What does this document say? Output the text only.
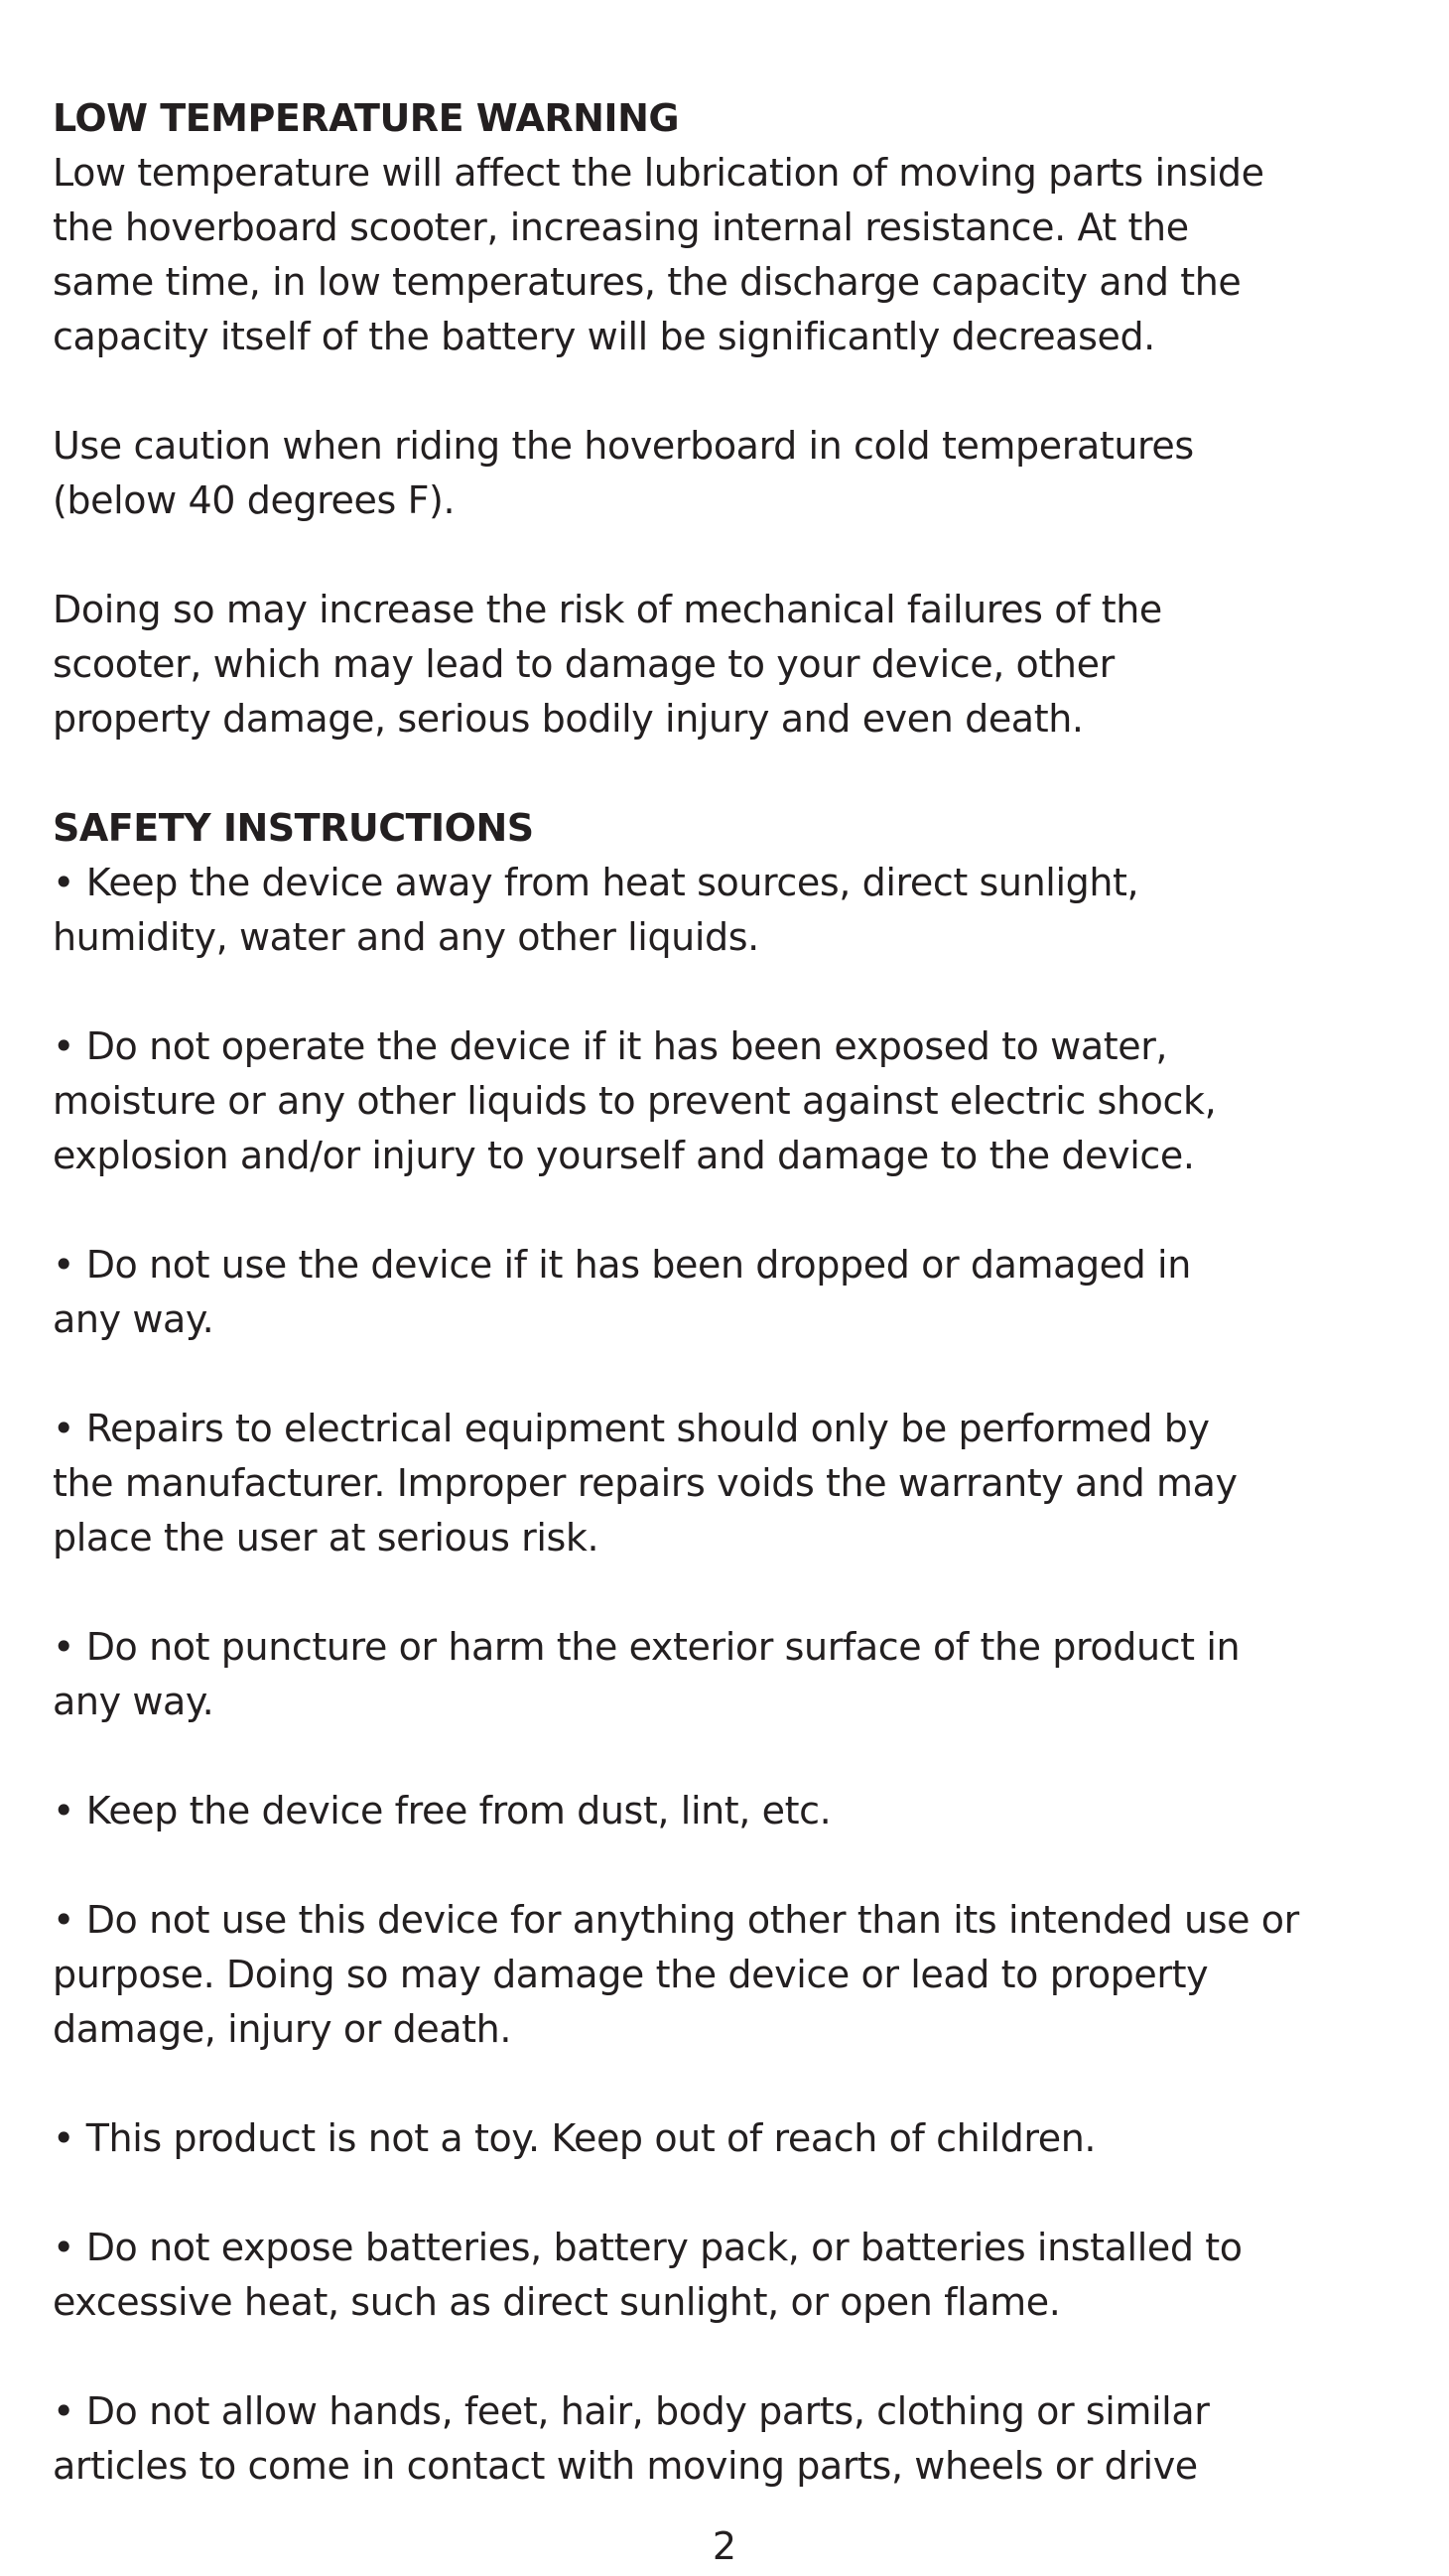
LOW TEMPERATURE WARNING

Low temperature will affect the lubrication of moving parts inside
the hoverboard scooter, increasing internal resistance. At the
same time, in low temperatures, the discharge capacity and the
capacity itself of the battery will be significantly decreased.

Use caution when riding the hoverboard in cold temperatures
(below 40 degrees F).

Doing so may increase the risk of mechanical failures of the
scooter, which may lead to damage to your device, other
property damage, serious bodily injury and even death.

SAFETY INSTRUCTIONS

• Keep the device away from heat sources, direct sunlight,
humidity, water and any other liquids.

• Do not operate the device if it has been exposed to water,
moisture or any other liquids to prevent against electric shock,
explosion and/or injury to yourself and damage to the device.

• Do not use the device if it has been dropped or damaged in
any way.

• Repairs to electrical equipment should only be performed by
the manufacturer. Improper repairs voids the warranty and may
place the user at serious risk.

• Do not puncture or harm the exterior surface of the product in
any way.

• Keep the device free from dust, lint, etc.

• Do not use this device for anything other than its intended use or
purpose. Doing so may damage the device or lead to property
damage, injury or death.

• This product is not a toy. Keep out of reach of children.

• Do not expose batteries, battery pack, or batteries installed to
excessive heat, such as direct sunlight, or open flame.

• Do not allow hands, feet, hair, body parts, clothing or similar
articles to come in contact with moving parts, wheels or drive

2
